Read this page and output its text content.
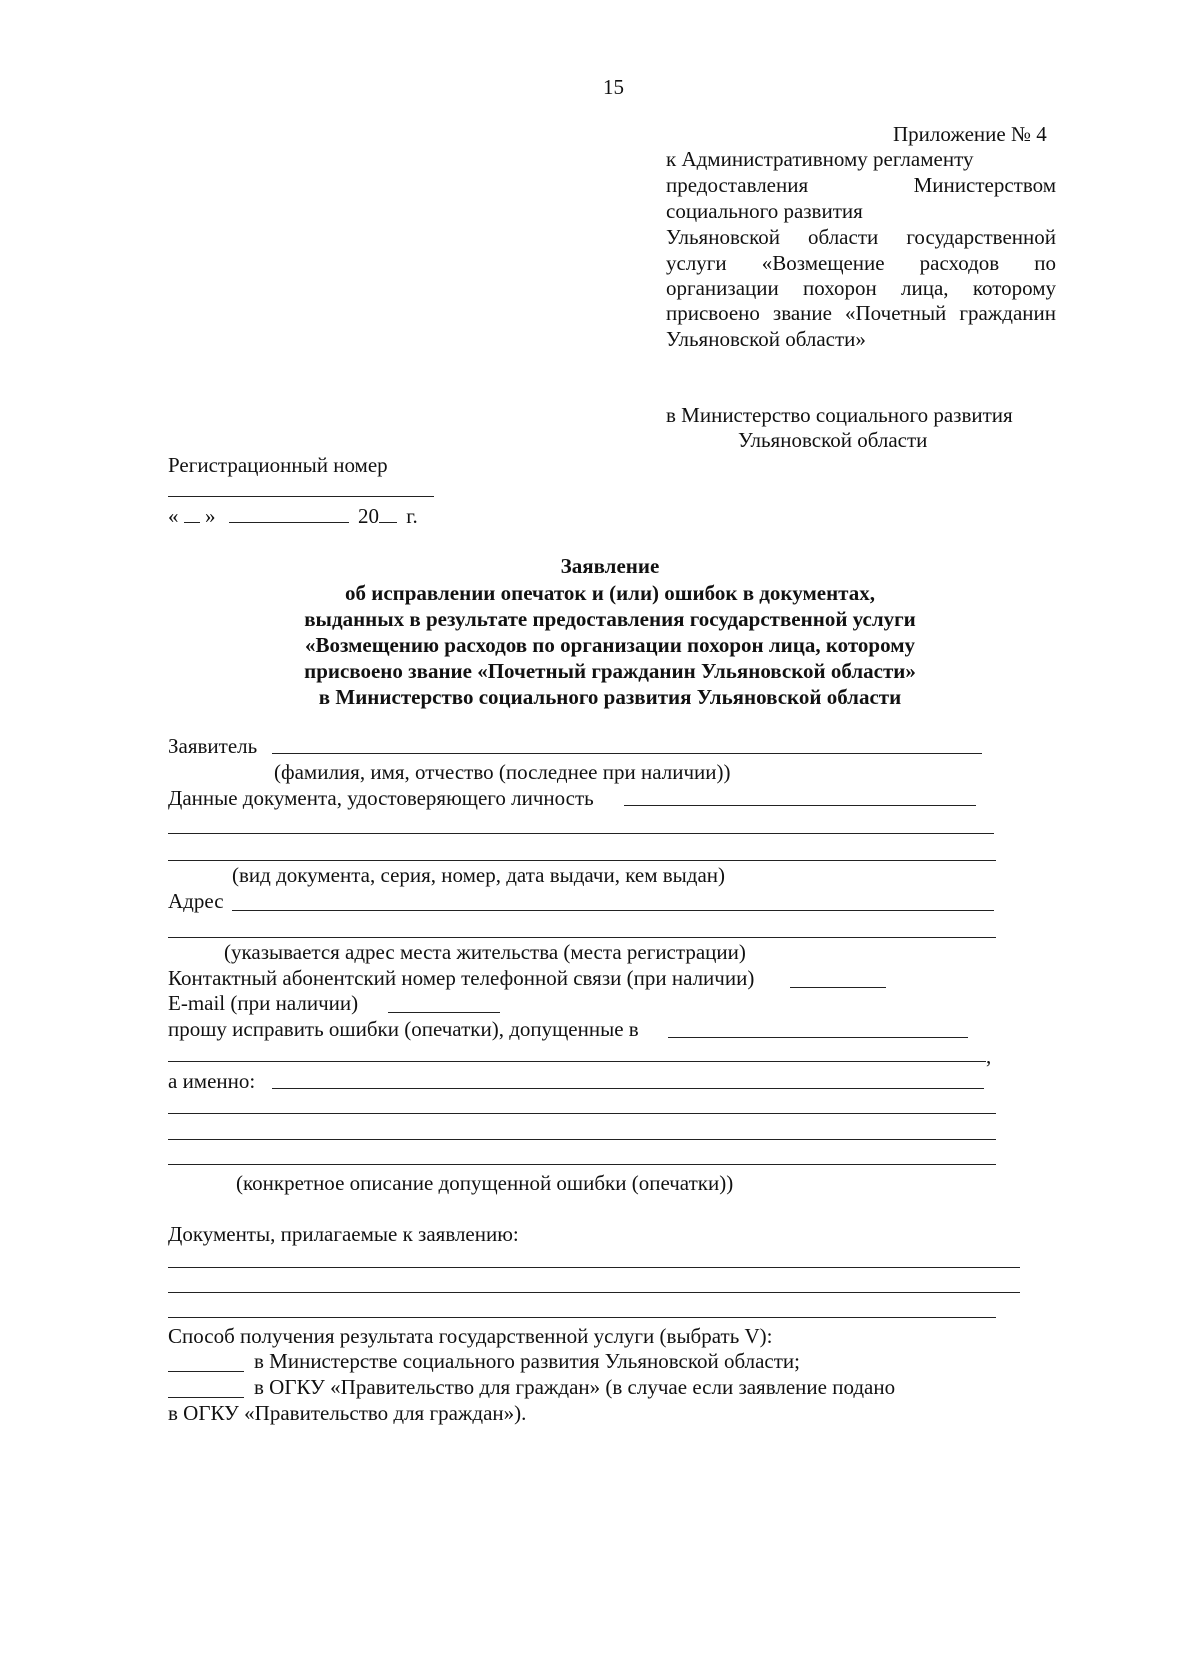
15
Приложение № 4
к Административному регламенту
предоставления Министерством
социального развития
Ульяновской области государственной
услуги «Возмещение расходов по
организации похорон лица, которому
присвоено звание «Почетный гражданин
Ульяновской области»
в Министерство социального развития
Ульяновской области
Регистрационный номер
« »	20 г.
Заявление
об исправлении опечаток и (или) ошибок в документах,
выданных в результате предоставления государственной услуги
«Возмещению расходов по организации похорон лица, которому
присвоено звание «Почетный гражданин Ульяновской области»
в Министерство социального развития Ульяновской области
Заявитель
(фамилия, имя, отчество (последнее при наличии))
Данные документа, удостоверяющего личность
(вид документа, серия, номер, дата выдачи, кем выдан)
Адрес
(указывается адрес места жительства (места регистрации)
Контактный абонентский номер телефонной связи (при наличии)
E-mail (при наличии)
прошу исправить ошибки (опечатки), допущенные в
,
а именно:
(конкретное описание допущенной ошибки (опечатки))
Документы, прилагаемые к заявлению:
Способ получения результата государственной услуги (выбрать V):
в Министерстве социального развития Ульяновской области;
в ОГКУ «Правительство для граждан» (в случае если заявление подано
в ОГКУ «Правительство для граждан»).
